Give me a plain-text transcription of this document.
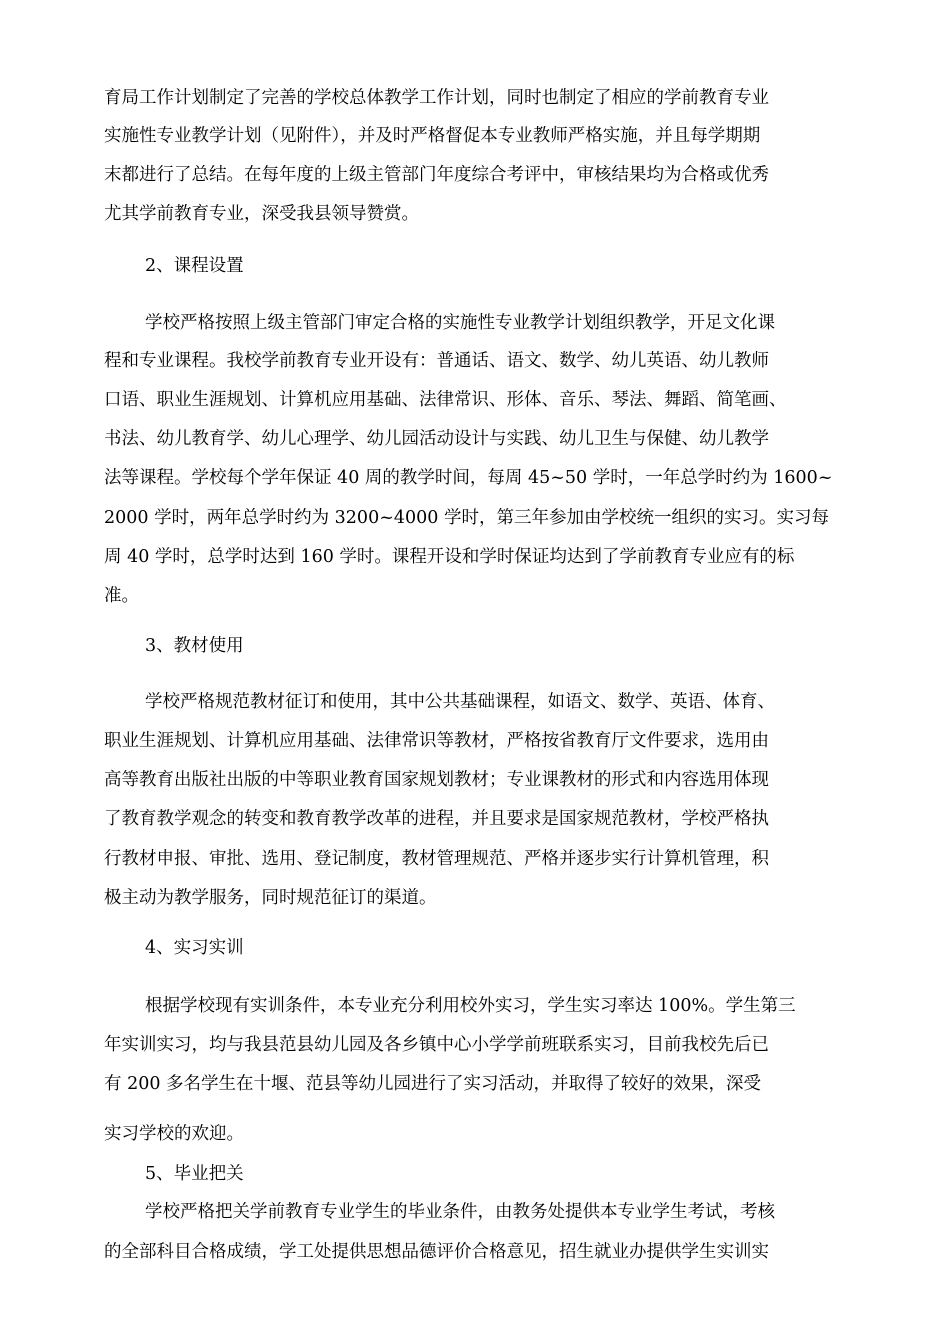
育局工作计划制定了完善的学校总体教学工作计划，同时也制定了相应的学前教育专业
实施性专业教学计划（见附件），并及时严格督促本专业教师严格实施，并且每学期期
末都进行了总结。在每年度的上级主管部门年度综合考评中，审核结果均为合格或优秀
尤其学前教育专业，深受我县领导赞赏。
2、课程设置
学校严格按照上级主管部门审定合格的实施性专业教学计划组织教学，开足文化课
程和专业课程。我校学前教育专业开设有：普通话、语文、数学、幼儿英语、幼儿教师
口语、职业生涯规划、计算机应用基础、法律常识、形体、音乐、琴法、舞蹈、简笔画、
书法、幼儿教育学、幼儿心理学、幼儿园活动设计与实践、幼儿卫生与保健、幼儿教学
法等课程。学校每个学年保证 40 周的教学时间，每周 45~50 学时，一年总学时约为 1600~
2000 学时，两年总学时约为 3200~4000 学时，第三年参加由学校统一组织的实习。实习每
周 40 学时，总学时达到 160 学时。课程开设和学时保证均达到了学前教育专业应有的标
准。
3、教材使用
学校严格规范教材征订和使用，其中公共基础课程，如语文、数学、英语、体育、
职业生涯规划、计算机应用基础、法律常识等教材，严格按省教育厅文件要求，选用由
高等教育出版社出版的中等职业教育国家规划教材；专业课教材的形式和内容选用体现
了教育教学观念的转变和教育教学改革的进程，并且要求是国家规范教材，学校严格执
行教材申报、审批、选用、登记制度，教材管理规范、严格并逐步实行计算机管理，积
极主动为教学服务，同时规范征订的渠道。
4、实习实训
根据学校现有实训条件，本专业充分利用校外实习，学生实习率达 100%。学生第三
年实训实习，均与我县范县幼儿园及各乡镇中心小学学前班联系实习，目前我校先后已
有 200 多名学生在十堰、范县等幼儿园进行了实习活动，并取得了较好的效果，深受
实习学校的欢迎。
5、毕业把关
学校严格把关学前教育专业学生的毕业条件，由教务处提供本专业学生考试，考核
的全部科目合格成绩，学工处提供思想品德评价合格意见，招生就业办提供学生实训实
